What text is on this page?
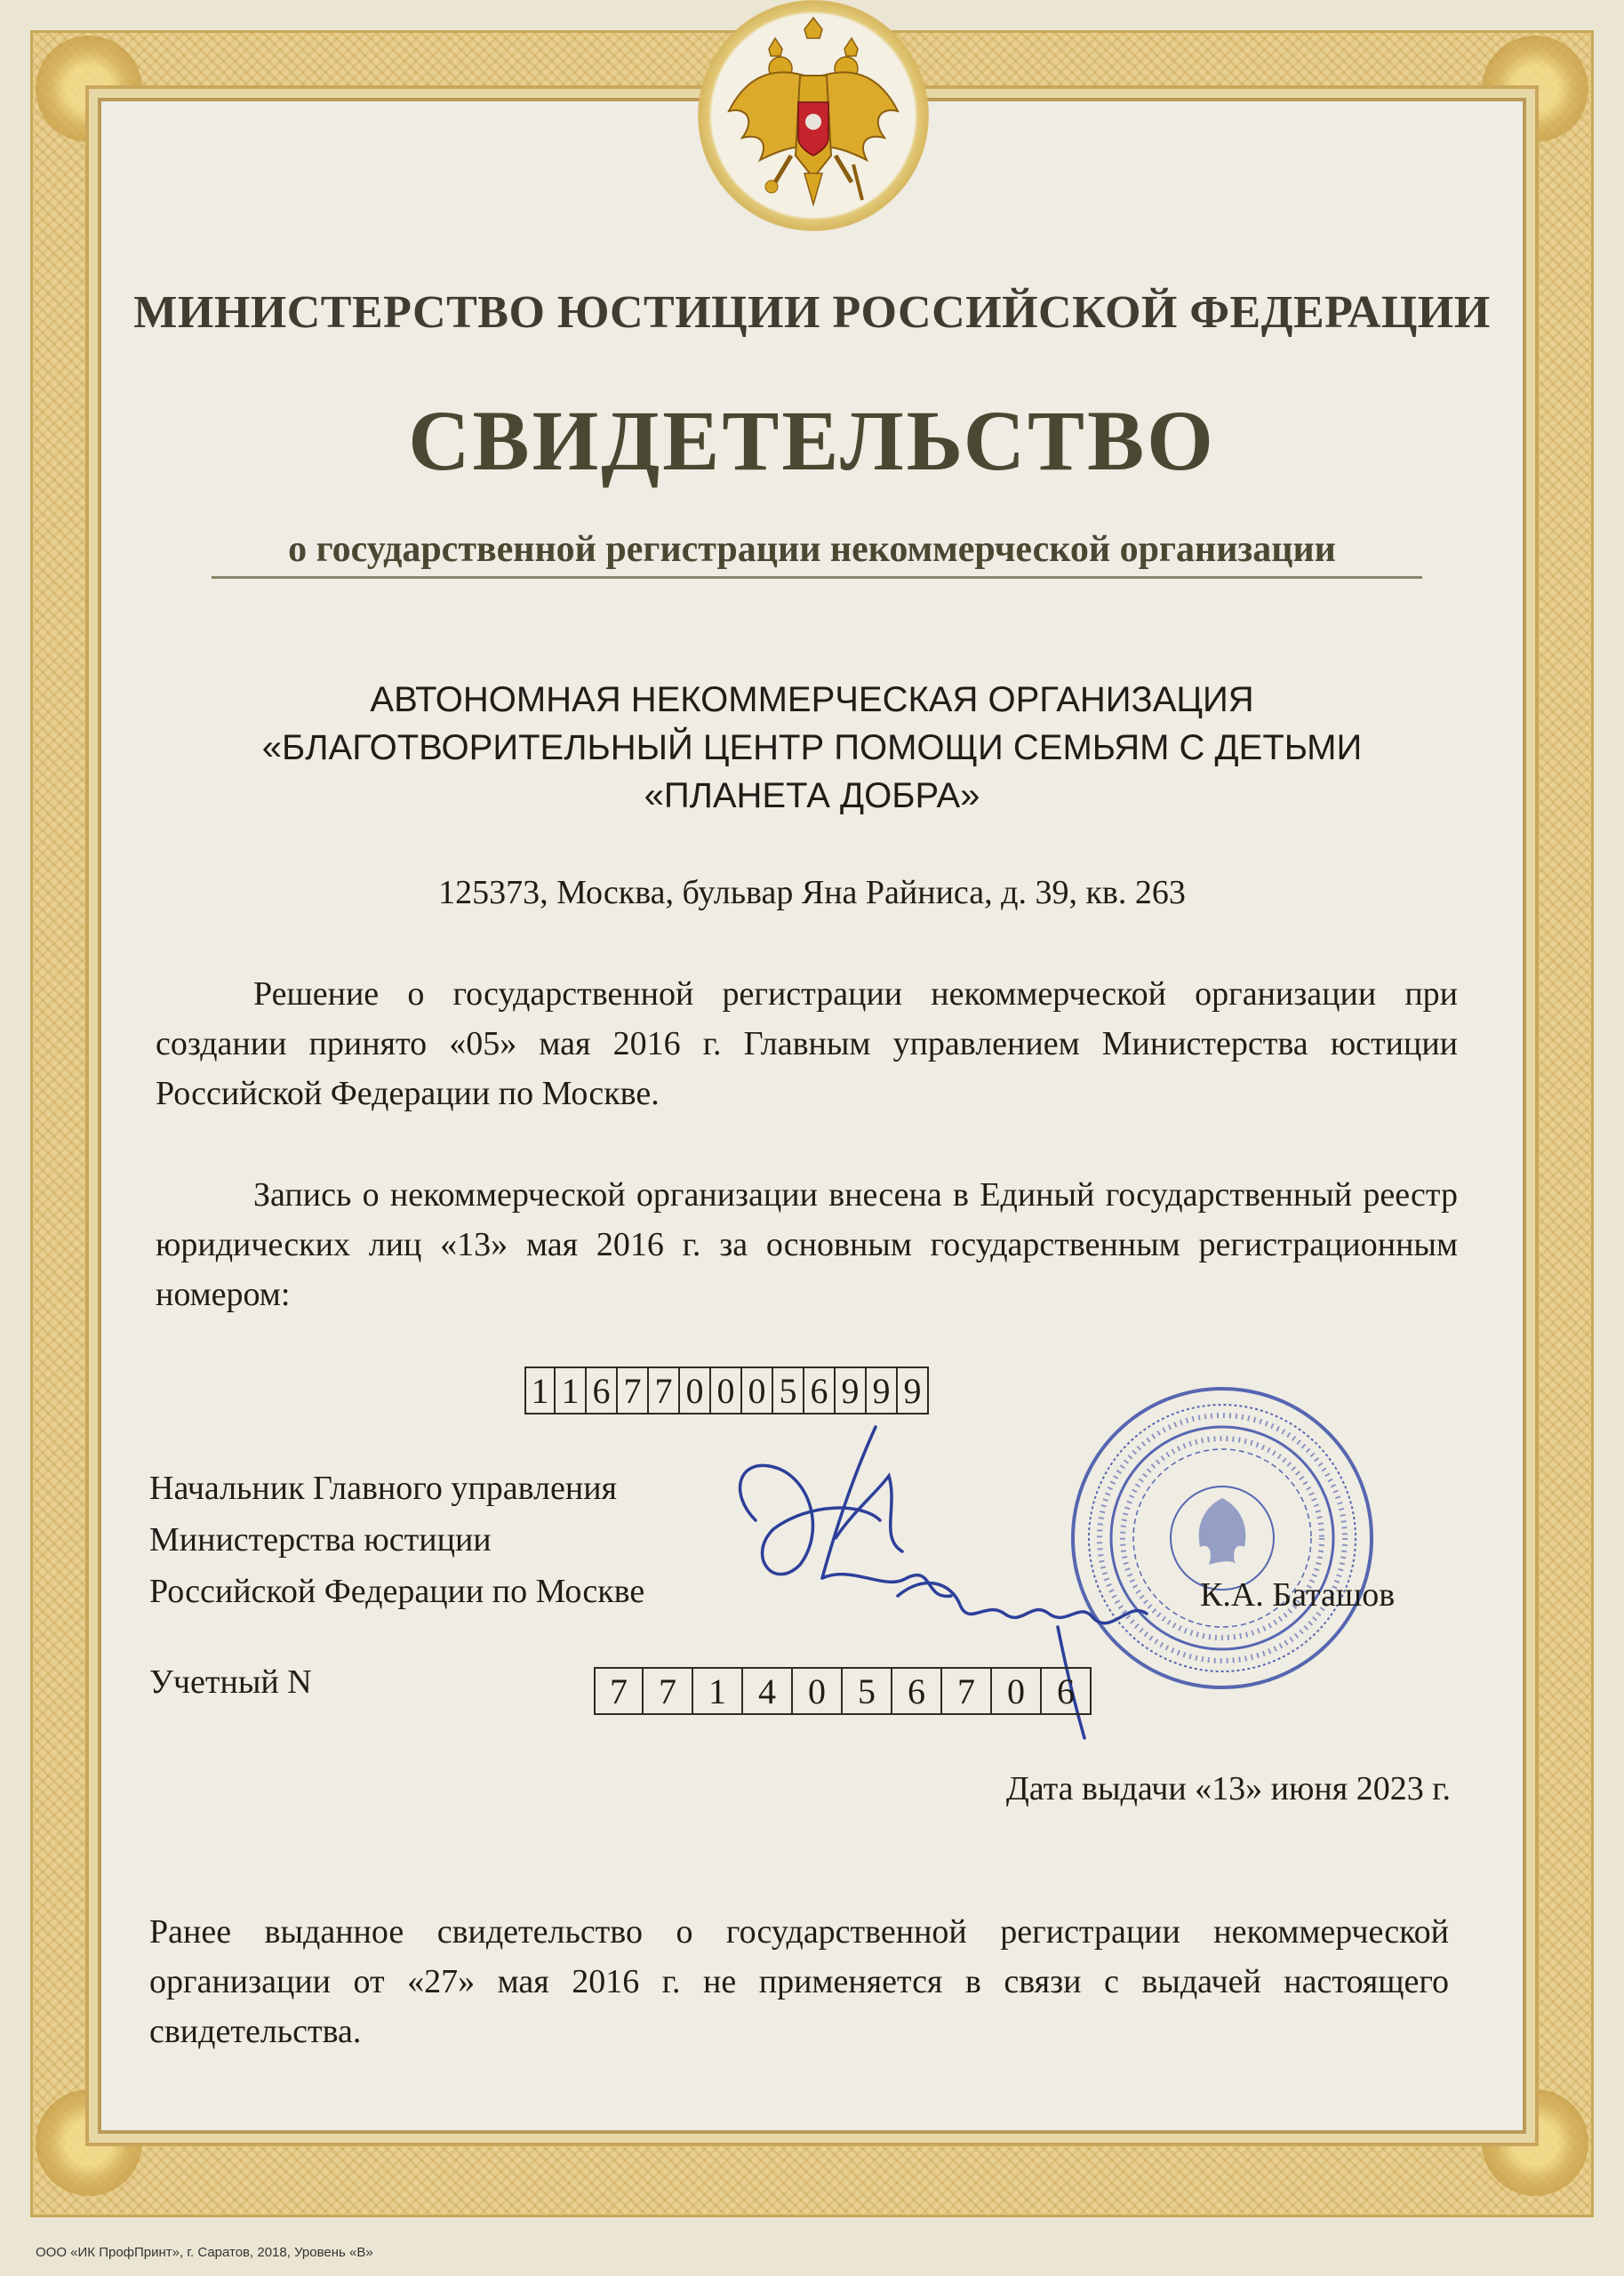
МИНИСТЕРСТВО ЮСТИЦИИ РОССИЙСКОЙ ФЕДЕРАЦИИ
СВИДЕТЕЛЬСТВО
о государственной регистрации некоммерческой организации
АВТОНОМНАЯ НЕКОММЕРЧЕСКАЯ ОРГАНИЗАЦИЯ
«БЛАГОТВОРИТЕЛЬНЫЙ ЦЕНТР ПОМОЩИ СЕМЬЯМ С ДЕТЬМИ
«ПЛАНЕТА ДОБРА»
125373, Москва, бульвар Яна Райниса, д. 39, кв. 263

Решение о государственной регистрации некоммерческой организации при создании принято «05» мая 2016 г. Главным управлением Министерства юстиции Российской Федерации по Москве.

Запись о некоммерческой организации внесена в Единый государственный реестр юридических лиц «13» мая 2016 г. за основным государственным регистрационным номером:

1 1 6 7 7 0 0 0 5 6 9 9 9
Начальник Главного управления
Министерства юстиции
Российской Федерации по Москве	К.А. Баташов
Учетный N	7 7 1 4 0 5 6 7 0 6
Дата выдачи «13» июня 2023 г.

Ранее выданное свидетельство о государственной регистрации некоммерческой организации от «27» мая 2016 г. не применяется в связи с выдачей настоящего свидетельства.

ООО «ИК ПрофПринт», г. Саратов, 2018, Уровень «В»
